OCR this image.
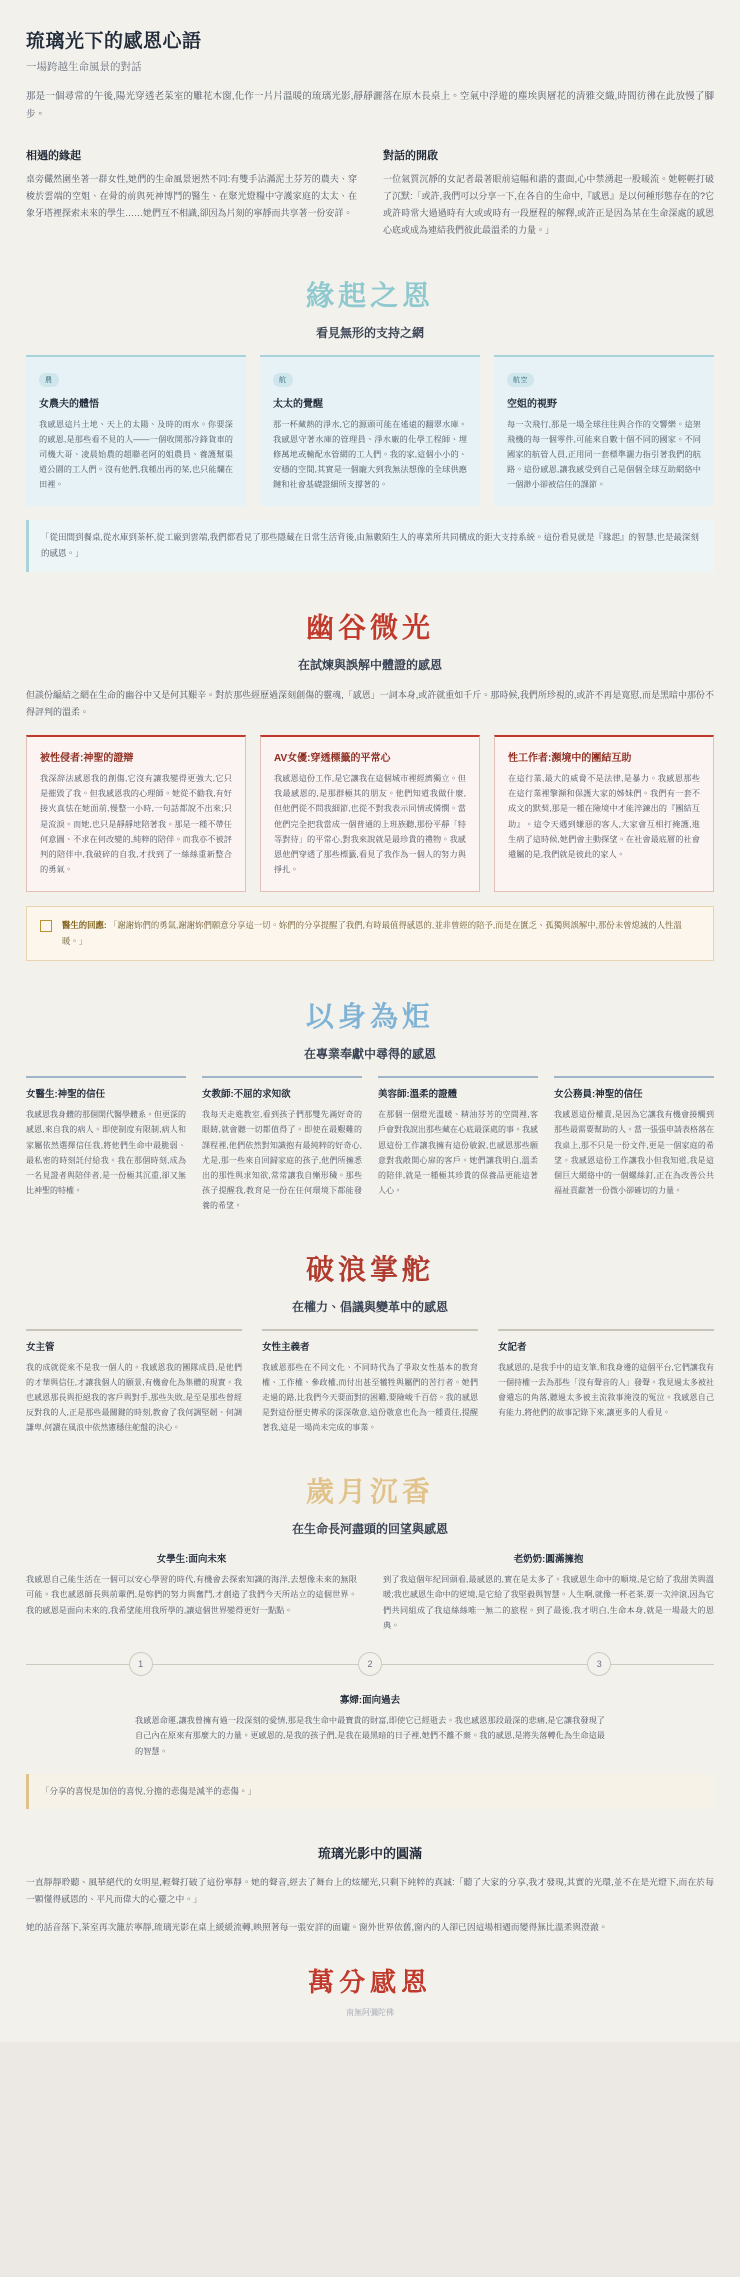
琉璃光下的感恩心語
一場跨越生命風景的對話
那是一個尋常的午後,陽光穿透老茱室的雕花木窗,化作一片片溫暖的琉璃光影,靜靜灑落在原木長桌上。空氣中浮遊的塵埃與層花的清雅交織,時間彷彿在此放慢了腳步。
相遇的緣起
桌旁儼然圍坐著一群女性,她們的生命風景迥然不同:有雙手沾滿泥土芬芳的農夫、穿梭於雲端的空姐、在骨的前與死神博鬥的醫生、在聚光燈糧中守護家庭的太太、在象牙塔裡探索未來的學生……她們互不相識,卻因為片刻的寧靜而共享著一份安詳。
對話的開啟
一位氣質沉靜的女記者最著眼前這幅和諧的畫面,心中禁湧起一股暖流。她輕輕打破了沉默:「或許,我們可以分享一下,在各自的生命中,『感恩』是以何種形態存在的?它或許時常大過過時有大或或時有一段歷程的解釋,或許正是因為某在生命深處的感恩心底或成為連結我們彼此最溫柔的力量。」
緣起之恩
看見無形的支持之網
農
女農夫的體悟

我感恩這片土地、天上的太陽、及時的雨水。你要深的感恩,是那些看不見的人——一個收開那冷鋒貨車的司機大哥、凌晨始農的超聯老阿的姐農員、養護幫渠道公園的工人們。沒有他們,我種出再的菜,也只能爛在田裡。

航
太太的覺醒

那一杯藏熱的淨水,它的源頭可能在遙遠的翻翠水庫。我感恩守著水庫的管理員、淨水廠的化學工程師、埋修萬地或輸配水管網的工人們。我的家,這個小小的、安穩的空間,其實是一個龐大到我無法想像的全球供應鏈和社會基礎證細所支撐著的。

航空
空姐的視野

每一次飛行,那是一場全球往往與合作的交響樂。這架飛機的每一個零件,可能來自數十個不同的國家。不同國家的航管人員,正用同一套標準灑力指引著我們的航路。這份感恩,讓我感受到自己是個個全球互助網絡中一個渺小卻被信任的課節。

「從田間到餐桌,從水庫到茶杯,從工廠到雲端,我們都看見了那些隱藏在日常生活背後,由無數陌生人的專業所共同構成的鉅大支持系統。這份看見就是『緣起』的智慧,也是最深刻的感恩。」
幽谷微光
在試煉與誤解中體證的感恩
但談份編結之網在生命的幽谷中又是何其艱辛。對於那些經歷過深刻創傷的靈魂,「感恩」一詞本身,或許就重如千斤。那時候,我們所珍視的,或許不再是寬慰,而是黑暗中那份不得評判的溫柔。
被性侵者:神聖的證辯

我深辞法感恩我的創傷,它沒有讓我變得更強大,它只是摧毀了我。但我感恩我的心理師。她從不勸我,有好接火真怯在她面前,慢整一小時,一句話都說不出來;只是流淚。而她,也只是靜靜地陪著我。那是一種不帶任何意圖、不求在何改變的,純粹的陪伴。而我亦不被評判的陪伴中,我破碎的自我,才找到了一絲絲重新整合的勇氣。

AV女優:穿透標籤的平常心

我感恩這份工作,是它讓我在這個城市裡經濟獨立。但我最感恩的,是那群極其的朋友。他們知道我做什麼,但他們從不問我細節,也從不對我表示同情或憐憫。當他們完全把我當成一個普通的上班族聽,那份平靜「特等對待」的平常心,對我來說就是最珍貴的禮物。我感恩他們穿透了那些標籤,看見了我作為一個人的努力與掙扎。

性工作者:瀕境中的團結互助

在這行業,最大的威脅不是法律,是暴力。我感恩那些在這行業裡擎瀕和保護大家的姊妹們。我們有一套不成文的默契,那是一種在險境中才能淬鍊出的『團結互助』。這令天遇到嫌惡的客人,大家會互相打掩護,進生病了這時候,她們會主動探望。在社會最底層的社會遺屬的是,我們就是彼此的家人。

醫生的回應: 「謝謝妳們的勇氣,謝謝妳們願意分享這一切。妳們的分享提醒了我們,有時最值得感恩的,並非曾經的陪予,而是在匱乏、孤獨與誤解中,那份未曾熄滅的人性溫暖。」
以身為炬
在專業奉獻中尋得的感恩
女醫生:神聖的信任
我感恩我身體的那個開代醫學體系。但更深的感恩,來自我的病人。即使制度有限制,病人和家屬依然選擇信任我,將他們生命中最脆弱、最私密的時刻託付給我。我在那個時刻,成為一名見證者與陪伴者,是一份極其沉重,卻又無比神聖的特權。
女教師:不屈的求知欲
我每天走進教室,看到孩子們那雙先滿好奇的眼睛,就會聽一切都值得了。即使在最艱難的課程裡,他們依然對知識抱有最純粹的好奇心,尤是,那一些來自回歸家庭的孩子,他們所擁悉出的那性與求知欲,常常讓我自慚形穢。那些孩子提醒我,教育是一份在任何環境下都能發養的希望。
美容師:溫柔的證體
在那個一個燈光溫暖、精油芬芳的空間裡,客戶會對我說出那些藏在心底最深處的事。我感恩這份工作讓我擁有這份敏銳,也感恩那些願意對我敞開心扉的客戶。她們讓我明白,溫柔的陪伴,就是一種極其珍貴的保養品更能這著人心。
女公務員:神聖的信任
我感恩這份權責,是因為它讓我有機會接觸到那些最需要幫助的人。當一張張申請表格落在我桌上,那不只是一份文件,更是一個家庭的希望。我感恩這份工作讓我小但我知道,我是這個巨大網絡中的一個螺絲釘,正在為改善公共福祉貢獻著一份微小卻確切的力量。
破浪掌舵
在權力、倡議與變革中的感恩
女主管
我的成就從來不是我一個人的。我感恩我的團隊成員,是他們的才華與信任,才讓我個人的願景,有機會化為集體的現實。我也感恩那長與拒絕我的客戶與對手,那些失敗,是至是那些曾經反對我的人,正是那些最關鍵的時刻,教會了我何調堅韌、何調謙卑,何讀在風浪中依然憲穩住舵盤的決心。
女性主義者
我感恩那些在不同文化、不同時代為了爭取女性基本的教育權、工作權、參政權,而付出甚至犧牲與屬們的苦行者。她們走過的路,比我們今天要面對的困難,要險峻千百倍。我的感恩是對這份歷史傳承的深深敬意,這份敬意也化為一種責任,提醒著我,這是一場尚未完成的事業。
女記者
我感恩的,是我手中的這支筆,和我身邊的這個平台,它們讓我有一個持權一去為那些「沒有聲音的人」發聲。我見過太多被社會遺忘的角落,聽過太多被主流敘事淹沒的冤泣。我感恩自己有能力,將他們的故事記錄下來,讓更多的人看見。
歲月沉香
在生命長河盡頭的回望與感恩
女學生:面向未來
我感恩自己能生活在一個可以安心學習的時代,有機會去探索知識的海洋,去想像未來的無限可能。我也感恩師長與前輩們,是妳們的努力與奮鬥,才創造了我們今天所站立的這個世界。我的感恩是面向未來的,我希望能用我所學的,讓這個世界變得更好一點點。
老奶奶:圓滿擁抱
到了我這個年紀回頭看,最感恩的,實在是太多了。我感恩生命中的順境,是它給了我甜美與溫暖;我也感恩生命中的逆境,是它給了我堅毅與智慧。人生啊,就像一杯老茶,要一次沖滾,因為它們共同組成了我這絲絲唯一無二的旅程。到了最後,我才明白,生命本身,就是一場最大的恩典。
1	2	3
寡婦:面向過去
我感恩命運,讓我曾擁有過一段深刻的愛情,那是我生命中最寶貴的財富,即使它已經逝去。我也感恩那段最深的悲痛,是它讓我發現了自己內在原來有那麼大的力量。更感恩的,是我的孩子們,是我在最黑暗的日子裡,她們不離不棄。我的感恩,是將失落轉化為生命這最的智慧。
「分享的喜悅是加倍的喜悅,分擔的悲傷是減半的悲傷。」
琉璃光影中的圓滿
一直靜靜聆聽、風華絕代的女明星,輕聲打破了這份寧靜。她的聲音,經去了舞台上的炫耀光,只剩下純粹的真誠:「聽了大家的分享,我才發現,其實的光環,並不在是光燈下,而在於每一顆懂得感恩的、平凡而偉大的心靈之中。」
她的話音落下,茶室再次籠於寧靜,琉璃光影在桌上緩緩流轉,映照著每一張安詳的面龐。窗外世界依舊,窗內的人卻已因這場相遇而變得無比溫柔與澄澈。
萬分感恩
南無阿彌陀佛
